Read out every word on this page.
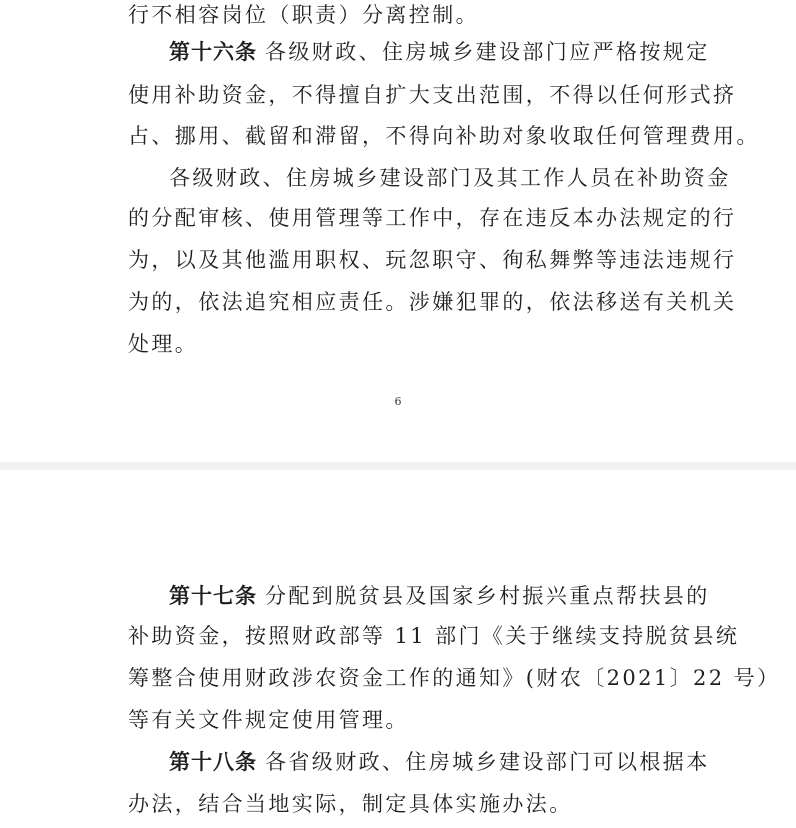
行不相容岗位（职责）分离控制。

第十六条 各级财政、住房城乡建设部门应严格按规定

使用补助资金，不得擅自扩大支出范围，不得以任何形式挤

占、挪用、截留和滞留，不得向补助对象收取任何管理费用。

各级财政、住房城乡建设部门及其工作人员在补助资金

的分配审核、使用管理等工作中，存在违反本办法规定的行

为，以及其他滥用职权、玩忽职守、徇私舞弊等违法违规行

为的，依法追究相应责任。涉嫌犯罪的，依法移送有关机关

处理。

6

第十七条 分配到脱贫县及国家乡村振兴重点帮扶县的

补助资金，按照财政部等 11 部门《关于继续支持脱贫县统

筹整合使用财政涉农资金工作的通知》(财农〔2021〕22 号）

等有关文件规定使用管理。

第十八条 各省级财政、住房城乡建设部门可以根据本

办法，结合当地实际，制定具体实施办法。
